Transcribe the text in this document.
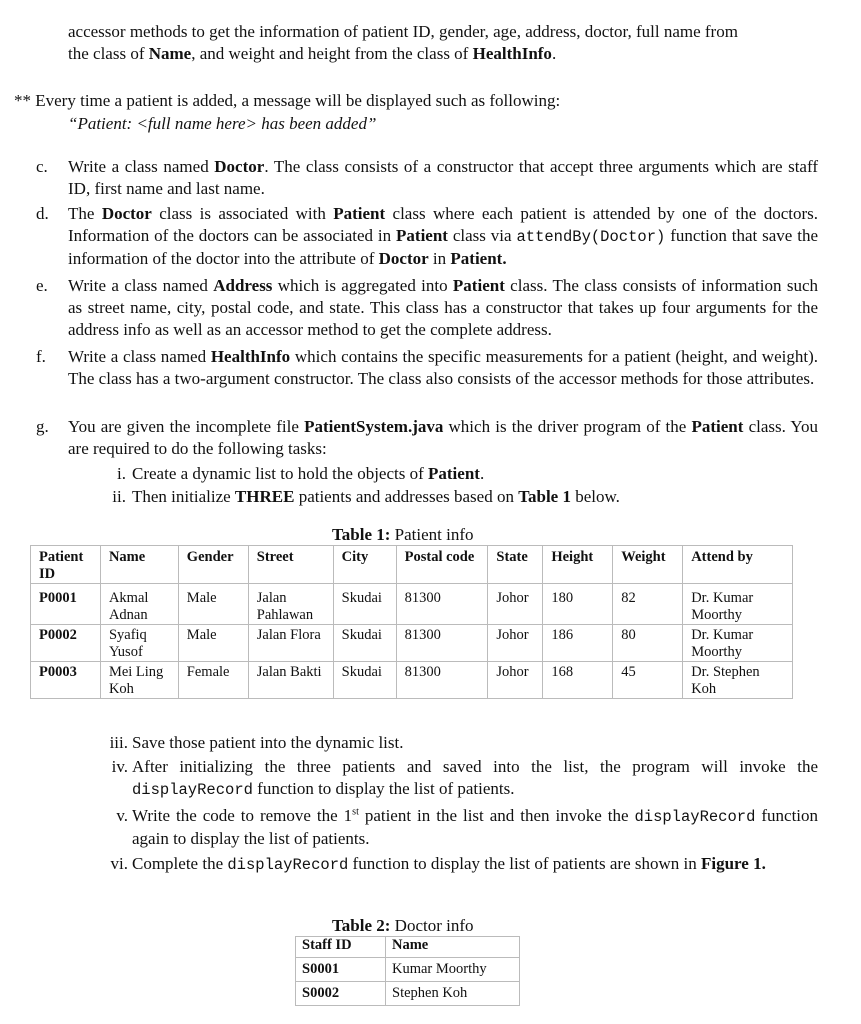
accessor methods to get the information of patient ID, gender, age, address, doctor, full name from
the class of Name, and weight and height from the class of HealthInfo.
** Every time a patient is added, a message will be displayed such as following:
“Patient: <full name here> has been added”
c.	Write a class named Doctor. The class consists of a constructor that accept three arguments which are staff ID, first name and last name.
d.	The Doctor class is associated with Patient class where each patient is attended by one of the doctors. Information of the doctors can be associated in Patient class via attendBy(Doctor) function that save the information of the doctor into the attribute of Doctor in Patient.
e.	Write a class named Address which is aggregated into Patient class. The class consists of information such as street name, city, postal code, and state. This class has a constructor that takes up four arguments for the address info as well as an accessor method to get the complete address.
f.	Write a class named HealthInfo which contains the specific measurements for a patient (height, and weight). The class has a two-argument constructor. The class also consists of the accessor methods for those attributes.
g.	You are given the incomplete file PatientSystem.java which is the driver program of the Patient class. You are required to do the following tasks:
i. Create a dynamic list to hold the objects of Patient.
ii. Then initialize THREE patients and addresses based on Table 1 below.
Table 1: Patient info
Patient ID	Name	Gender	Street	City	Postal code	State	Height	Weight	Attend by
P0001	Akmal Adnan	Male	Jalan Pahlawan	Skudai	81300	Johor	180	82	Dr. Kumar Moorthy
P0002	Syafiq Yusof	Male	Jalan Flora	Skudai	81300	Johor	186	80	Dr. Kumar Moorthy
P0003	Mei Ling Koh	Female	Jalan Bakti	Skudai	81300	Johor	168	45	Dr. Stephen Koh
iii. Save those patient into the dynamic list.
iv. After initializing the three patients and saved into the list, the program will invoke the displayRecord function to display the list of patients.
v. Write the code to remove the 1st patient in the list and then invoke the displayRecord function again to display the list of patients.
vi. Complete the displayRecord function to display the list of patients are shown in Figure 1.
Table 2: Doctor info
Staff ID	Name
S0001	Kumar Moorthy
S0002	Stephen Koh
